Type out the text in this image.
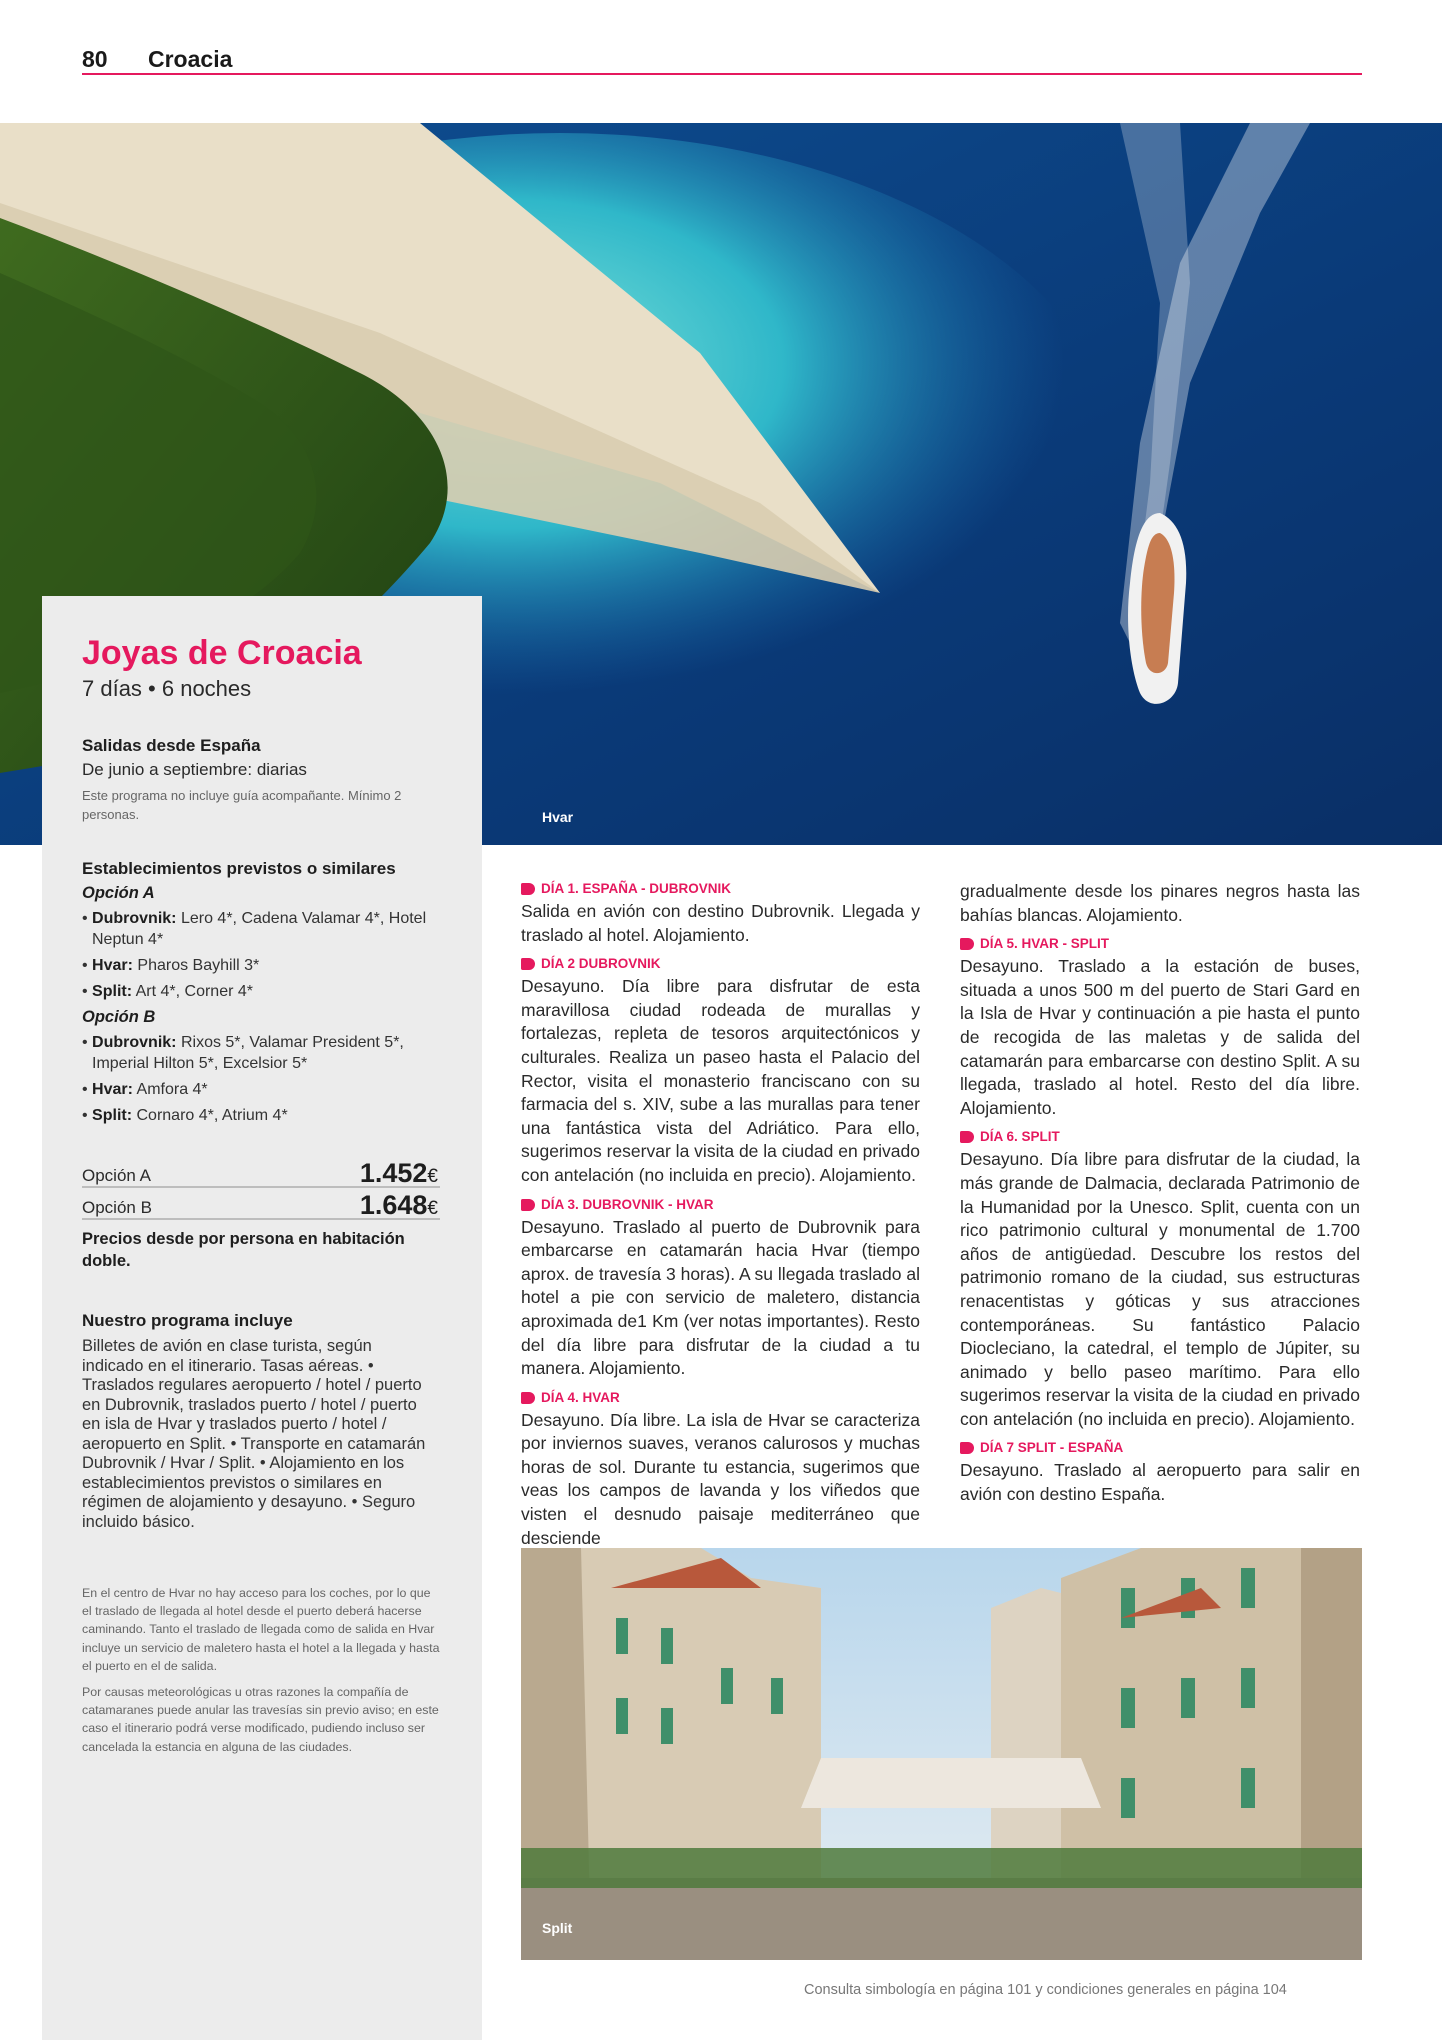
80 Croacia
Hvar
Joyas de Croacia
7 días • 6 noches
Salidas desde España
De junio a septiembre: diarias
Este programa no incluye guía acompañante. Mínimo 2 personas.
Establecimientos previstos o similares
Opción A
• Dubrovnik: Lero 4*, Cadena Valamar 4*, Hotel Neptun 4*
• Hvar: Pharos Bayhill 3*
• Split: Art 4*, Corner 4*
Opción B
• Dubrovnik: Rixos 5*, Valamar President 5*, Imperial Hilton 5*, Excelsior 5*
• Hvar: Amfora 4*
• Split: Cornaro 4*, Atrium 4*
Opción A	1.452€
Opción B	1.648€
Precios desde por persona en habitación doble.
Nuestro programa incluye
Billetes de avión en clase turista, según indicado en el itinerario. Tasas aéreas. • Traslados regulares aeropuerto / hotel / puerto en Dubrovnik, traslados puerto / hotel / puerto en isla de Hvar y traslados puerto / hotel / aeropuerto en Split. • Transporte en catamarán Dubrovnik / Hvar / Split. • Alojamiento en los establecimientos previstos o similares en régimen de alojamiento y desayuno. • Seguro incluido básico.

En el centro de Hvar no hay acceso para los coches, por lo que el traslado de llegada al hotel desde el puerto deberá hacerse caminando. Tanto el traslado de llegada como de salida en Hvar incluye un servicio de maletero hasta el hotel a la llegada y hasta el puerto en el de salida.

Por causas meteorológicas u otras razones la compañía de catamaranes puede anular las travesías sin previo aviso; en este caso el itinerario podrá verse modificado, pudiendo incluso ser cancelada la estancia en alguna de las ciudades.

DÍA 1. ESPAÑA - DUBROVNIK
Salida en avión con destino Dubrovnik. Llegada y traslado al hotel. Alojamiento.
DÍA 2 DUBROVNIK
Desayuno. Día libre para disfrutar de esta maravillosa ciudad rodeada de murallas y fortalezas, repleta de tesoros arquitectónicos y culturales. Realiza un paseo hasta el Palacio del Rector, visita el monasterio franciscano con su farmacia del s. XIV, sube a las murallas para tener una fantástica vista del Adriático. Para ello, sugerimos reservar la visita de la ciudad en privado con antelación (no incluida en precio). Alojamiento.
DÍA 3. DUBROVNIK - HVAR
Desayuno. Traslado al puerto de Dubrovnik para embarcarse en catamarán hacia Hvar (tiempo aprox. de travesía 3 horas). A su llegada traslado al hotel a pie con servicio de maletero, distancia aproximada de1 Km (ver notas importantes). Resto del día libre para disfrutar de la ciudad a tu manera. Alojamiento.
DÍA 4. HVAR
Desayuno. Día libre. La isla de Hvar se caracteriza por inviernos suaves, veranos calurosos y muchas horas de sol. Durante tu estancia, sugerimos que veas los campos de lavanda y los viñedos que visten el desnudo paisaje mediterráneo que desciende
gradualmente desde los pinares negros hasta las bahías blancas. Alojamiento.
DÍA 5. HVAR - SPLIT
Desayuno. Traslado a la estación de buses, situada a unos 500 m del puerto de Stari Gard en la Isla de Hvar y continuación a pie hasta el punto de recogida de las maletas y de salida del catamarán para embarcarse con destino Split. A su llegada, traslado al hotel. Resto del día libre. Alojamiento.
DÍA 6. SPLIT
Desayuno. Día libre para disfrutar de la ciudad, la más grande de Dalmacia, declarada Patrimonio de la Humanidad por la Unesco. Split, cuenta con un rico patrimonio cultural y monumental de 1.700 años de antigüedad. Descubre los restos del patrimonio romano de la ciudad, sus estructuras renacentistas y góticas y sus atracciones contemporáneas. Su fantástico Palacio Diocleciano, la catedral, el templo de Júpiter, su animado y bello paseo marítimo. Para ello sugerimos reservar la visita de la ciudad en privado con antelación (no incluida en precio). Alojamiento.
DÍA 7 SPLIT - ESPAÑA
Desayuno. Traslado al aeropuerto para salir en avión con destino España.
Split
Consulta simbología en página 101 y condiciones generales en página 104
